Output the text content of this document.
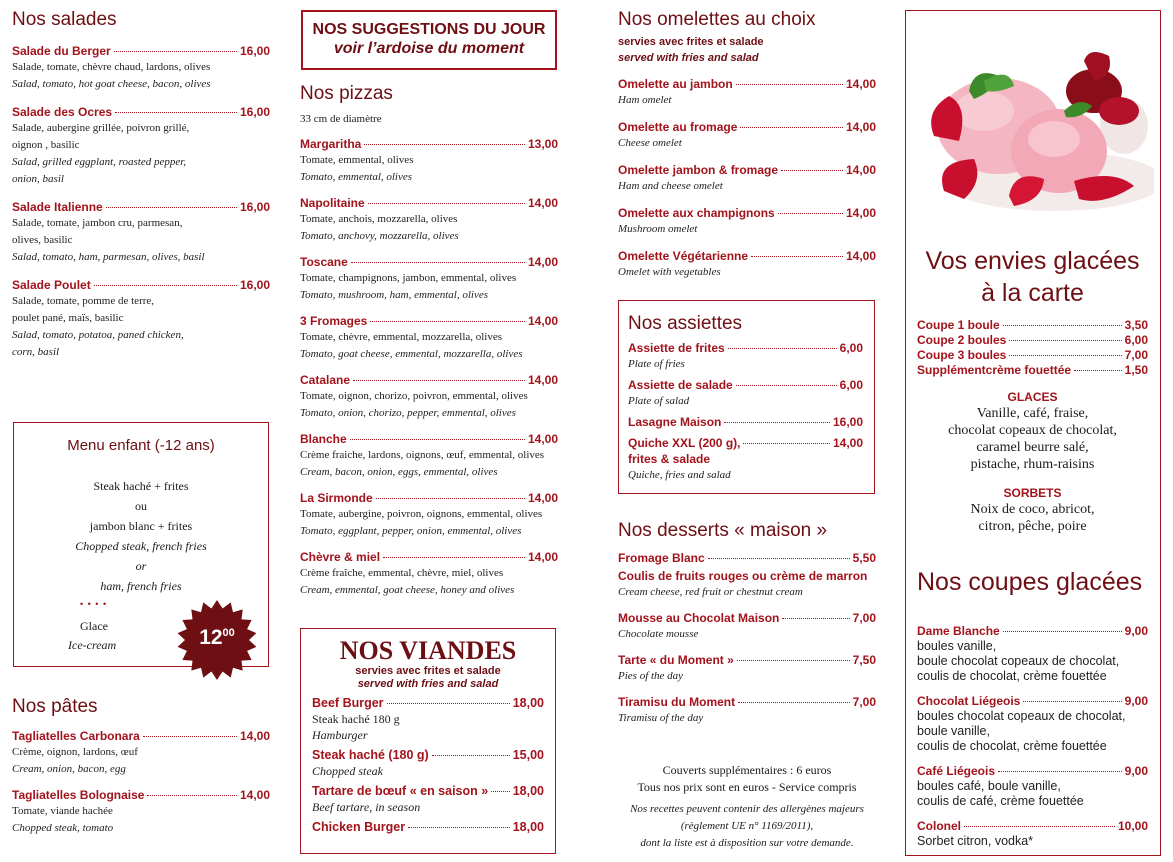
Nos salades
Salade du Berger	16,00
Salade, tomate, chèvre chaud, lardons, olives
Salad, tomato, hot goat cheese, bacon, olives
Salade des Ocres	16,00
Salade, aubergine grillée, poivron grillé,
oignon , basilic
Salad, grilled eggplant, roasted pepper,
onion, basil
Salade Italienne	16,00
Salade, tomate, jambon cru, parmesan,
olives, basilic
Salad, tomato, ham, parmesan, olives, basil
Salade Poulet	16,00
Salade, tomate, pomme de terre,
poulet pané, maïs, basilic
Salad, tomato, potatoa, paned chicken,
corn, basil
Menu enfant (-12 ans)
Steak haché + frites
ou
jambon blanc + frites
Chopped steak, french fries
or
ham, french fries
• • • •
Glace
Ice-cream	$12^{00}$
Nos pâtes
Tagliatelles Carbonara	14,00
Crème, oignon, lardons, œuf
Cream, onion, bacon, egg
Tagliatelles Bolognaise	14,00
Tomate, viande hachée
Chopped steak, tomato
NOS SUGGESTIONS DU JOUR
voir l’ardoise du moment
Nos pizzas
33 cm de diamètre
Margaritha	13,00
Tomate, emmental, olives
Tomato, emmental, olives
Napolitaine	14,00
Tomate, anchois, mozzarella, olives
Tomato, anchovy, mozzarella, olives
Toscane	14,00
Tomate, champignons, jambon, emmental, olives
Tomato, mushroom, ham, emmental, olives
3 Fromages	14,00
Tomate, chèvre, emmental, mozzarella, olives
Tomato, goat cheese, emmental, mozzarella, olives
Catalane	14,00
Tomate, oignon, chorizo, poivron, emmental, olives
Tomato, onion, chorizo, pepper, emmental, olives
Blanche	14,00
Crème fraiche, lardons, oignons, œuf, emmental, olives
Cream, bacon, onion, eggs, emmental, olives
La Sirmonde	14,00
Tomate, aubergine, poivron, oignons, emmental, olives
Tomato, eggplant, pepper, onion, emmental, olives
Chèvre & miel	14,00
Crème fraîche, emmental, chèvre, miel, olives
Cream, emmental, goat cheese, honey and olives
NOS VIANDES
servies avec frites et salade
served with fries and salad
Beef Burger	18,00
Steak haché 180 g
Hamburger
Steak haché (180 g)	15,00
Chopped steak
Tartare de bœuf « en saison » 18,00
Beef tartare, in season
Chicken Burger	18,00
Nos omelettes au choix
servies avec frites et salade
served with fries and salad
Omelette au jambon	14,00
Ham omelet
Omelette au fromage	14,00
Cheese omelet
Omelette jambon & fromage	14,00
Ham and cheese omelet
Omelette aux champignons	14,00
Mushroom omelet
Omelette Végétarienne	14,00
Omelet with vegetables
Nos assiettes
Assiette de frites	6,00
Plate of fries
Assiette de salade	6,00
Plate of salad
Lasagne Maison	16,00
Quiche XXL (200 g),	14,00
frites & salade
Quiche, fries and salad
Nos desserts « maison »
Fromage Blanc	5,50
Coulis de fruits rouges ou crème de marron
Cream cheese, red fruit or chestnut cream
Mousse au Chocolat Maison	7,00
Chocolate mousse
Tarte « du Moment »	7,50
Pies of the day
Tiramisu du Moment	7,00
Tiramisu of the day
Couverts supplémentaires : 6 euros
Tous nos prix sont en euros - Service compris
Nos recettes peuvent contenir des allergènes majeurs
(règlement UE n° 1169/2011),
dont la liste est à disposition sur votre demande.
Vos envies glacées
à la carte
Coupe 1 boule	3,50
Coupe 2 boules	6,00
Coupe 3 boules	7,00
Supplémentcrème fouettée	1,50
GLACES
Vanille, café, fraise,
chocolat copeaux de chocolat,
caramel beurre salé,
pistache, rhum-raisins
SORBETS
Noix de coco, abricot,
citron, pêche, poire
Nos coupes glacées
Dame Blanche	9,00
boules vanille,
boule chocolat copeaux de chocolat,
coulis de chocolat, crème fouettée
Chocolat Liégeois	9,00
boules chocolat copeaux de chocolat,
boule vanille,
coulis de chocolat, crème fouettée
Café Liégeois	9,00
boules café, boule vanille,
coulis de café, crème fouettée
Colonel	10,00
Sorbet citron, vodka*
